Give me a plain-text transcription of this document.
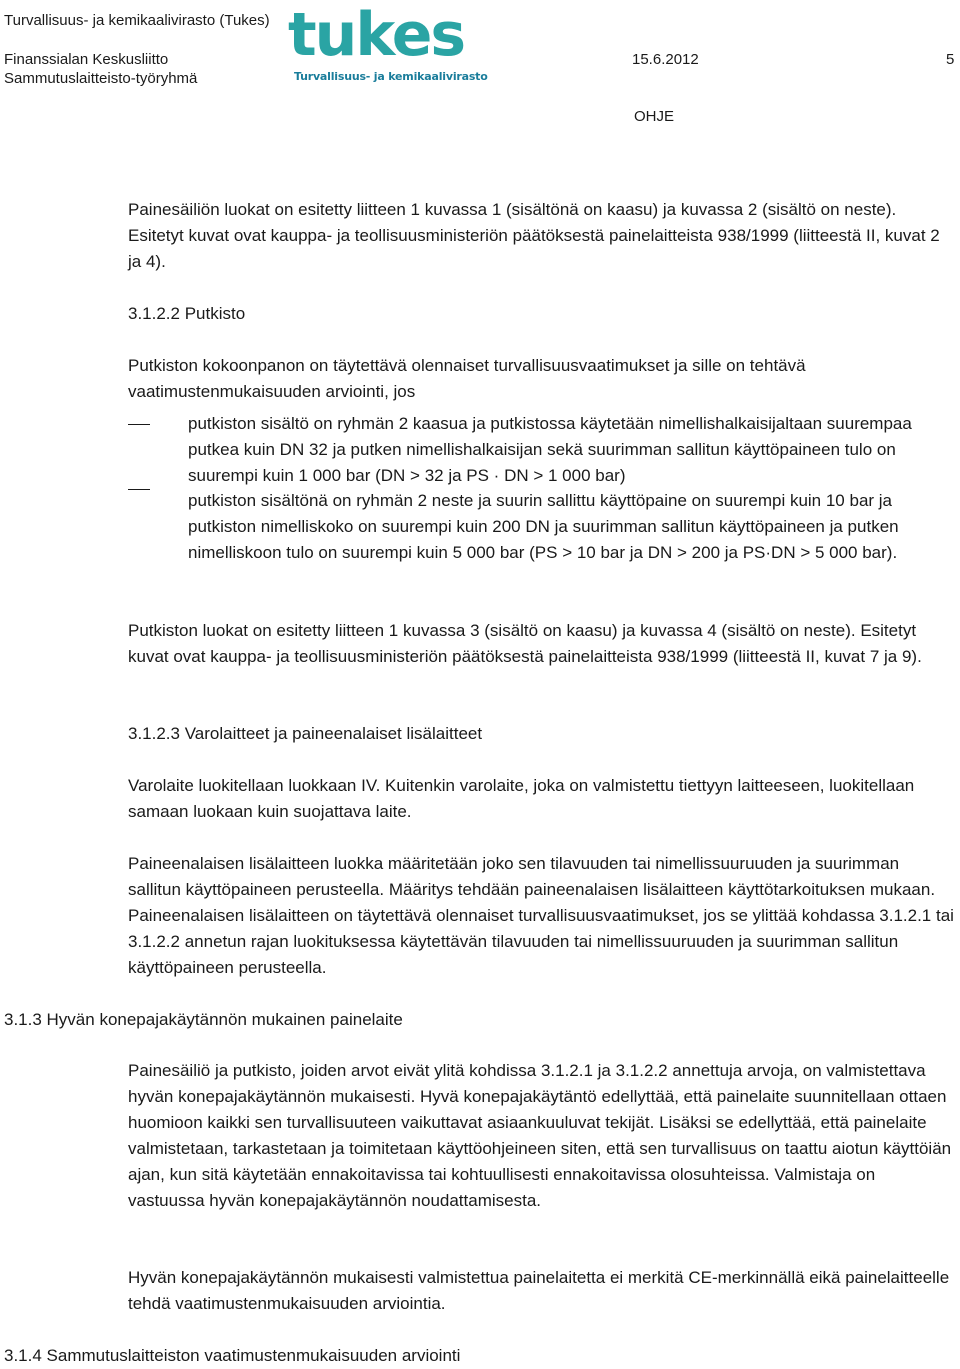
Turvallisuus- ja kemikaalivirasto (Tukes)
Finanssialan Keskusliitto
Sammutuslaitteisto-työryhmä
tukes
Turvallisuus- ja kemikaalivirasto
15.6.2012	5
OHJE
Painesäiliön luokat on esitetty liitteen 1 kuvassa 1 (sisältönä on kaasu) ja kuvassa 2 (sisältö on neste). Esitetyt kuvat ovat kauppa- ja teollisuusministeriön päätöksestä painelaitteista 938/1999 (liitteestä II, kuvat 2 ja 4).
3.1.2.2 Putkisto
Putkiston kokoonpanon on täytettävä olennaiset turvallisuusvaatimukset ja sille on tehtävä vaatimustenmukaisuuden arviointi, jos
putkiston sisältö on ryhmän 2 kaasua ja putkistossa käytetään nimellishalkaisijaltaan suurempaa putkea kuin DN 32 ja putken nimellishalkaisijan sekä suurimman sallitun käyttöpaineen tulo on suurempi kuin 1 000 bar (DN > 32 ja PS · DN > 1 000 bar)
putkiston sisältönä on ryhmän 2 neste ja suurin sallittu käyttöpaine on suurempi kuin 10 bar ja putkiston nimelliskoko on suurempi kuin 200 DN ja suurimman sallitun käyttöpaineen ja putken nimelliskoon tulo on suurempi kuin 5 000 bar (PS > 10 bar ja DN > 200 ja PS·DN > 5 000 bar).
Putkiston luokat on esitetty liitteen 1 kuvassa 3 (sisältö on kaasu) ja kuvassa 4 (sisältö on neste). Esitetyt kuvat ovat kauppa- ja teollisuusministeriön päätöksestä painelaitteista 938/1999 (liitteestä II, kuvat 7 ja 9).
3.1.2.3 Varolaitteet ja paineenalaiset lisälaitteet
Varolaite luokitellaan luokkaan IV. Kuitenkin varolaite, joka on valmistettu tiettyyn laitteeseen, luokitellaan samaan luokaan kuin suojattava laite.
Paineenalaisen lisälaitteen luokka määritetään joko sen tilavuuden tai nimellissuuruuden ja suurimman sallitun käyttöpaineen perusteella. Määritys tehdään paineenalaisen lisälaitteen käyttötarkoituksen mukaan. Paineenalaisen lisälaitteen on täytettävä olennaiset turvallisuusvaatimukset, jos se ylittää kohdassa 3.1.2.1 tai 3.1.2.2 annetun rajan luokituksessa käytettävän tilavuuden tai nimellissuuruuden ja suurimman sallitun käyttöpaineen perusteella.
3.1.3 Hyvän konepajakäytännön mukainen painelaite
Painesäiliö ja putkisto, joiden arvot eivät ylitä kohdissa 3.1.2.1 ja 3.1.2.2 annettuja arvoja, on valmistettava hyvän konepajakäytännön mukaisesti. Hyvä konepajakäytäntö edellyttää, että painelaite suunnitellaan ottaen huomioon kaikki sen turvallisuuteen vaikuttavat asiaankuuluvat tekijät. Lisäksi se edellyttää, että painelaite valmistetaan, tarkastetaan ja toimitetaan käyttöohjeineen siten, että sen turvallisuus on taattu aiotun käyttöiän ajan, kun sitä käytetään ennakoitavissa tai kohtuullisesti ennakoitavissa olosuhteissa. Valmistaja on vastuussa hyvän konepajakäytännön noudattamisesta.
Hyvän konepajakäytännön mukaisesti valmistettua painelaitetta ei merkitä CE-merkinnällä eikä painelaitteelle tehdä vaatimustenmukaisuuden arviointia.
3.1.4 Sammutuslaitteiston vaatimustenmukaisuuden arviointi
